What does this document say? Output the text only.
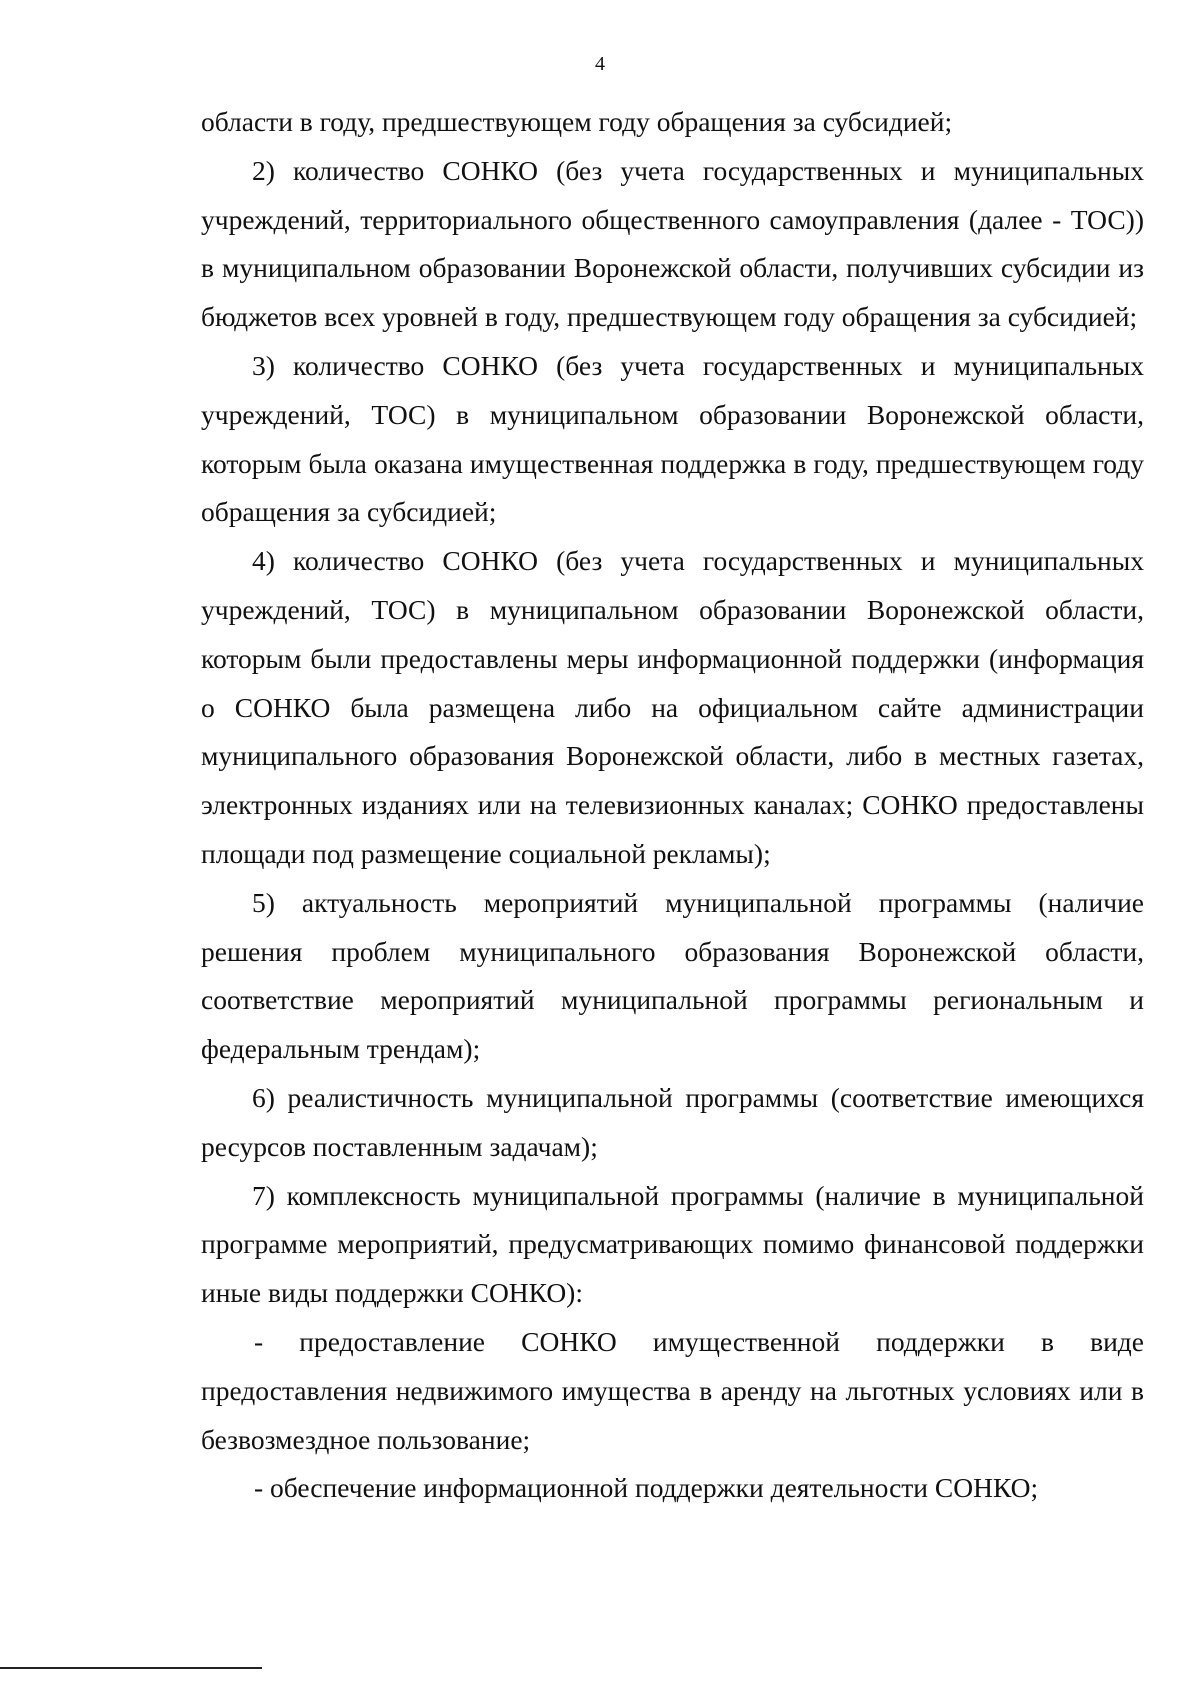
4

области в году, предшествующем году обращения за субсидией;

2) количество СОНКО (без учета государственных и муниципальных учреждений, территориального общественного самоуправления (далее - ТОС)) в муниципальном образовании Воронежской области, получивших субсидии из бюджетов всех уровней в году, предшествующем году обращения за субсидией;

3) количество СОНКО (без учета государственных и муниципальных учреждений, ТОС) в муниципальном образовании Воронежской области, которым была оказана имущественная поддержка в году, предшествующем году обращения за субсидией;

4) количество СОНКО (без учета государственных и муниципальных учреждений, ТОС) в муниципальном образовании Воронежской области, которым были предоставлены меры информационной поддержки (информация о СОНКО была размещена либо на официальном сайте администрации муниципального образования Воронежской области, либо в местных газетах, электронных изданиях или на телевизионных каналах; СОНКО предоставлены площади под размещение социальной рекламы);

5) актуальность мероприятий муниципальной программы (наличие решения проблем муниципального образования Воронежской области, соответствие мероприятий муниципальной программы региональным и федеральным трендам);

6) реалистичность муниципальной программы (соответствие имеющихся ресурсов поставленным задачам);

7) комплексность муниципальной программы (наличие в муниципальной программе мероприятий, предусматривающих помимо финансовой поддержки иные виды поддержки СОНКО):

- предоставление СОНКО имущественной поддержки в виде предоставления недвижимого имущества в аренду на льготных условиях или в безвозмездное пользование;

- обеспечение информационной поддержки деятельности СОНКО;
